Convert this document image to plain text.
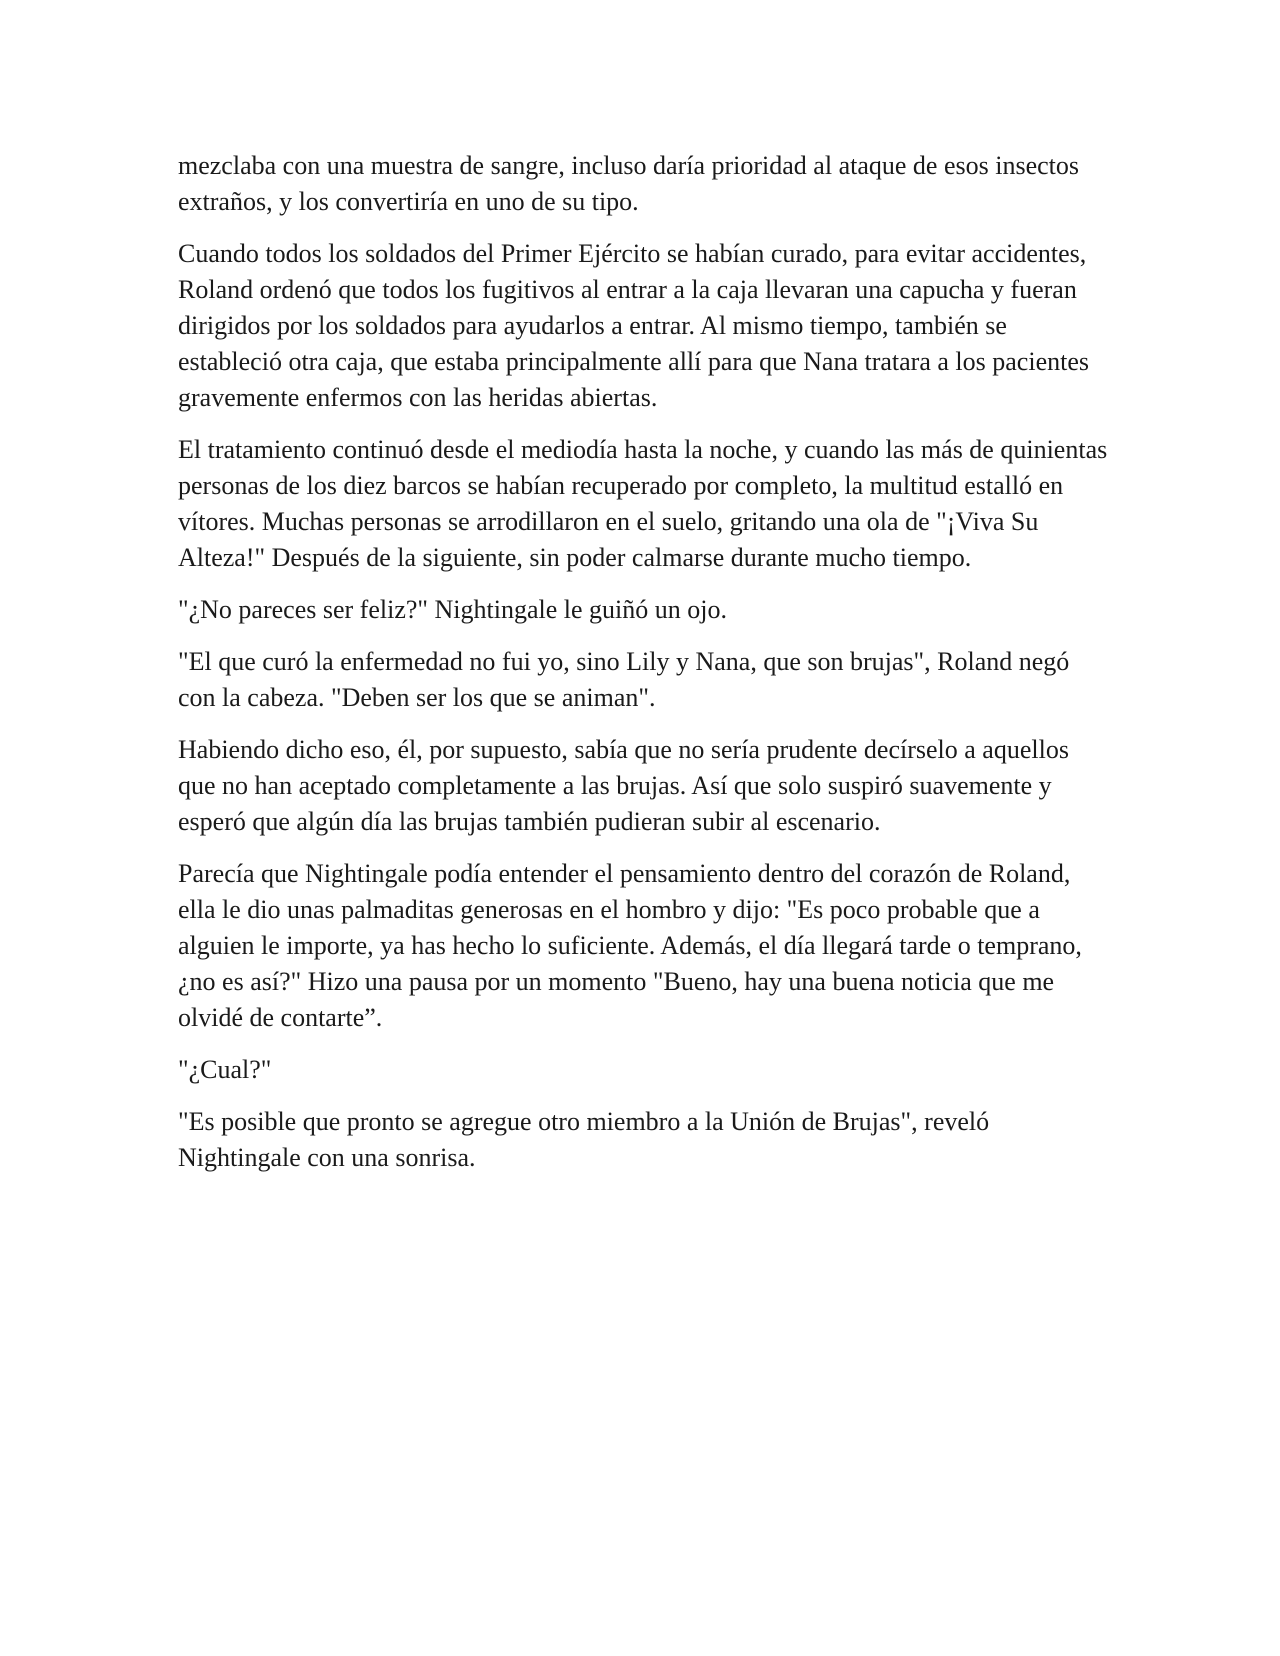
mezclaba con una muestra de sangre, incluso daría prioridad al ataque de esos insectos extraños, y los convertiría en uno de su tipo.

Cuando todos los soldados del Primer Ejército se habían curado, para evitar accidentes, Roland ordenó que todos los fugitivos al entrar a la caja llevaran una capucha y fueran dirigidos por los soldados para ayudarlos a entrar. Al mismo tiempo, también se estableció otra caja, que estaba principalmente allí para que Nana tratara a los pacientes gravemente enfermos con las heridas abiertas.

El tratamiento continuó desde el mediodía hasta la noche, y cuando las más de quinientas personas de los diez barcos se habían recuperado por completo, la multitud estalló en vítores. Muchas personas se arrodillaron en el suelo, gritando una ola de "¡Viva Su Alteza!" Después de la siguiente, sin poder calmarse durante mucho tiempo.

"¿No pareces ser feliz?" Nightingale le guiñó un ojo.

"El que curó la enfermedad no fui yo, sino Lily y Nana, que son brujas", Roland negó con la cabeza. "Deben ser los que se animan".

Habiendo dicho eso, él, por supuesto, sabía que no sería prudente decírselo a aquellos que no han aceptado completamente a las brujas. Así que solo suspiró suavemente y esperó que algún día las brujas también pudieran subir al escenario.

Parecía que Nightingale podía entender el pensamiento dentro del corazón de Roland, ella le dio unas palmaditas generosas en el hombro y dijo: "Es poco probable que a alguien le importe, ya has hecho lo suficiente. Además, el día llegará tarde o temprano, ¿no es así?" Hizo una pausa por un momento "Bueno, hay una buena noticia que me olvidé de contarte”.

"¿Cual?"

"Es posible que pronto se agregue otro miembro a la Unión de Brujas", reveló Nightingale con una sonrisa.
